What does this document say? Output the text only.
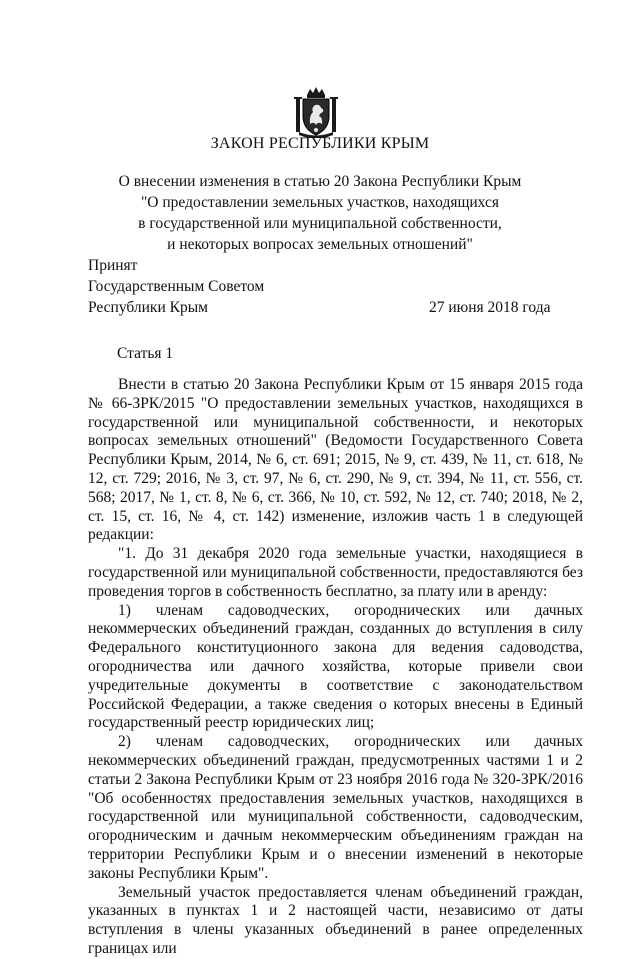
ЗАКОН РЕСПУБЛИКИ КРЫМ
О внесении изменения в статью 20 Закона Республики Крым
"О предоставлении земельных участков, находящихся
в государственной или муниципальной собственности,
и некоторых вопросах земельных отношений"
Принят
Государственным Советом
Республики Крым	27 июня 2018 года
Статья 1

Внести в статью 20 Закона Республики Крым от 15 января 2015 года № 66-ЗРК/2015 "О предоставлении земельных участков, находящихся в государственной или муниципальной собственности, и некоторых вопросах земельных отношений" (Ведомости Государственного Совета Республики Крым, 2014, № 6, ст. 691; 2015, № 9, ст. 439, № 11, ст. 618, № 12, ст. 729; 2016, № 3, ст. 97, № 6, ст. 290, № 9, ст. 394, № 11, ст. 556, ст. 568; 2017, № 1, ст. 8, № 6, ст. 366, № 10, ст. 592, № 12, ст. 740; 2018, № 2, ст. 15, ст. 16, № 4, ст. 142) изменение, изложив часть 1 в следующей редакции:

"1. До 31 декабря 2020 года земельные участки, находящиеся в государственной или муниципальной собственности, предоставляются без проведения торгов в собственность бесплатно, за плату или в аренду:

1) членам садоводческих, огороднических или дачных некоммерческих объединений граждан, созданных до вступления в силу Федерального конституционного закона для ведения садоводства, огородничества или дачного хозяйства, которые привели свои учредительные документы в соответствие с законодательством Российской Федерации, а также сведения о которых внесены в Единый государственный реестр юридических лиц;

2) членам садоводческих, огороднических или дачных некоммерческих объединений граждан, предусмотренных частями 1 и 2 статьи 2 Закона Республики Крым от 23 ноября 2016 года № 320-ЗРК/2016 "Об особенностях предоставления земельных участков, находящихся в государственной или муниципальной собственности, садоводческим, огородническим и дачным некоммерческим объединениям граждан на территории Республики Крым и о внесении изменений в некоторые законы Республики Крым".

Земельный участок предоставляется членам объединений граждан, указанных в пунктах 1 и 2 настоящей части, независимо от даты вступления в члены указанных объединений в ранее определенных границах или
